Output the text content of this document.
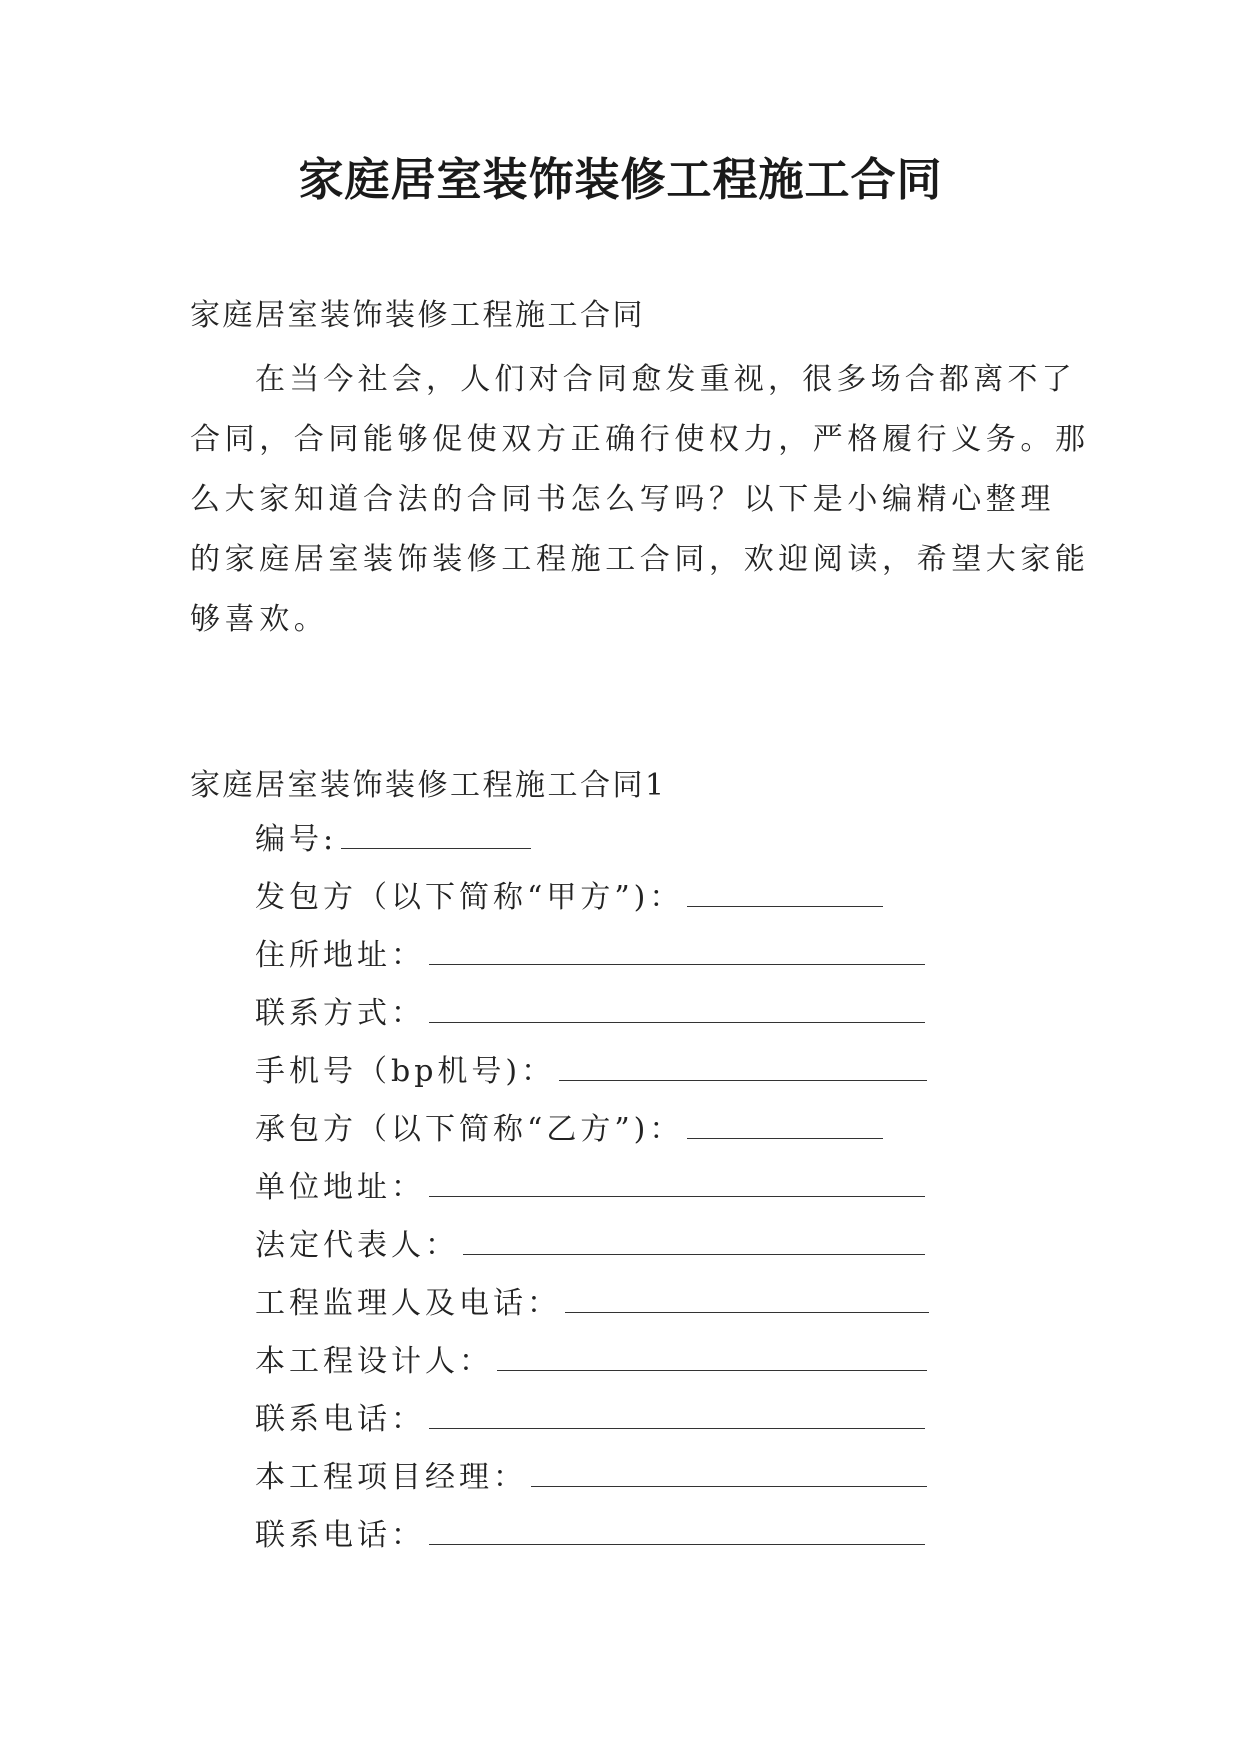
家庭居室装饰装修工程施工合同
家庭居室装饰装修工程施工合同
在当今社会，人们对合同愈发重视，很多场合都离不了
合同，合同能够促使双方正确行使权力，严格履行义务。那
么大家知道合法的合同书怎么写吗？以下是小编精心整理
的家庭居室装饰装修工程施工合同，欢迎阅读，希望大家能
够喜欢。
家庭居室装饰装修工程施工合同1
编号:
发包方（以下简称“甲方”)：
住所地址：
联系方式：
手机号（bp机号)：
承包方（以下简称“乙方”)：
单位地址：
法定代表人：
工程监理人及电话：
本工程设计人：
联系电话：
本工程项目经理：
联系电话：
